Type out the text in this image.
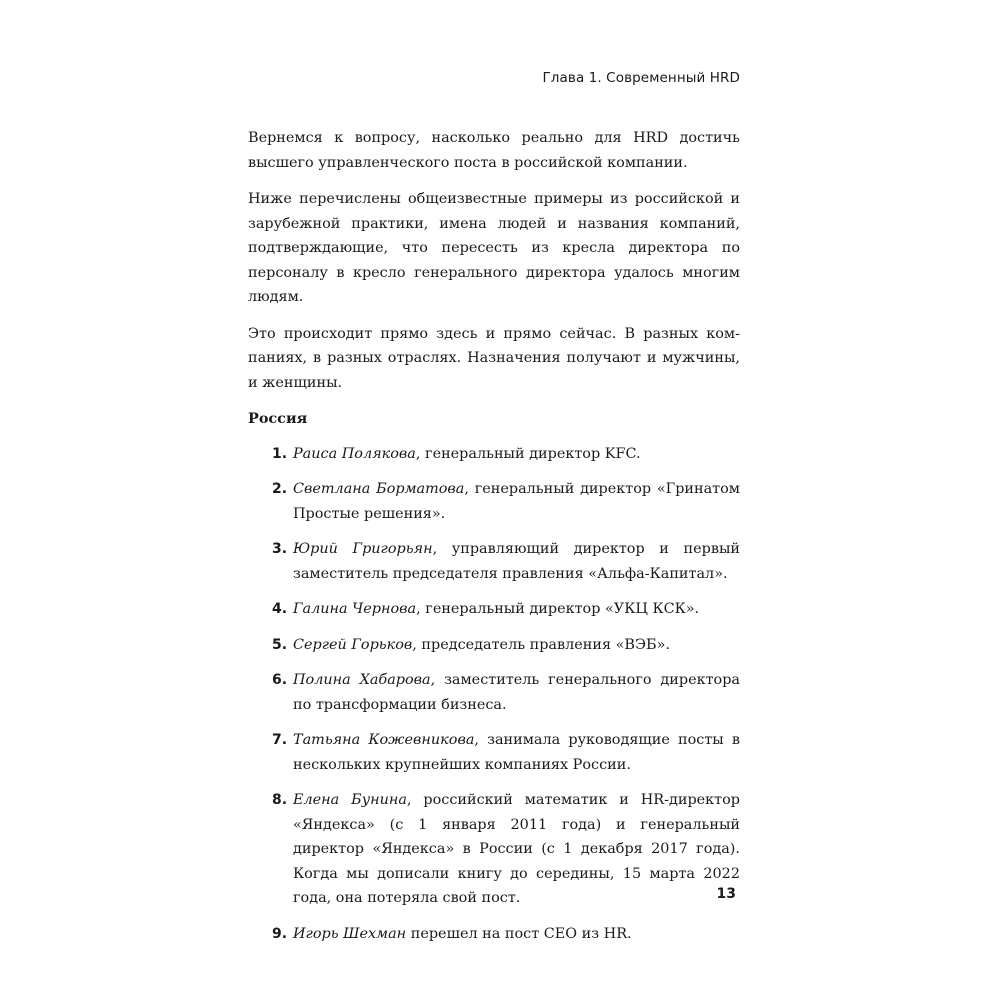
Глава 1. Современный HRD

Вернемся к вопросу, насколько реально для HRD достичь высшего управленческого поста в российской компании.

Ниже перечислены общеизвестные примеры из российской и зарубежной практики, имена людей и названия компаний, подтверждающие, что пересесть из кресла директора по персоналу в кресло генерального директора удалось многим людям.

Это происходит прямо здесь и прямо сейчас. В разных компаниях, в разных отраслях. Назначения получают и мужчины, и женщины.

Россия
1. Раиса Полякова, генеральный директор KFC.
2. Светлана Борматова, генеральный директор «Гринатом Простые решения».
3. Юрий Григорьян, управляющий директор и первый заместитель председателя правления «Альфа-Капитал».
4. Галина Чернова, генеральный директор «УКЦ КСК».
5. Сергей Горьков, председатель правления «ВЭБ».
6. Полина Хабарова, заместитель генерального директора по трансформации бизнеса.
7. Татьяна Кожевникова, занимала руководящие посты в нескольких крупнейших компаниях России.
8. Елена Бунина, российский математик и HR-директор «Яндекса» (с 1 января 2011 года) и генеральный директор «Яндекса» в России (с 1 декабря 2017 года). Когда мы дописали книгу до середины, 15 марта 2022 года, она потеряла свой пост.
9. Игорь Шехман перешел на пост CEO из HR.
13
